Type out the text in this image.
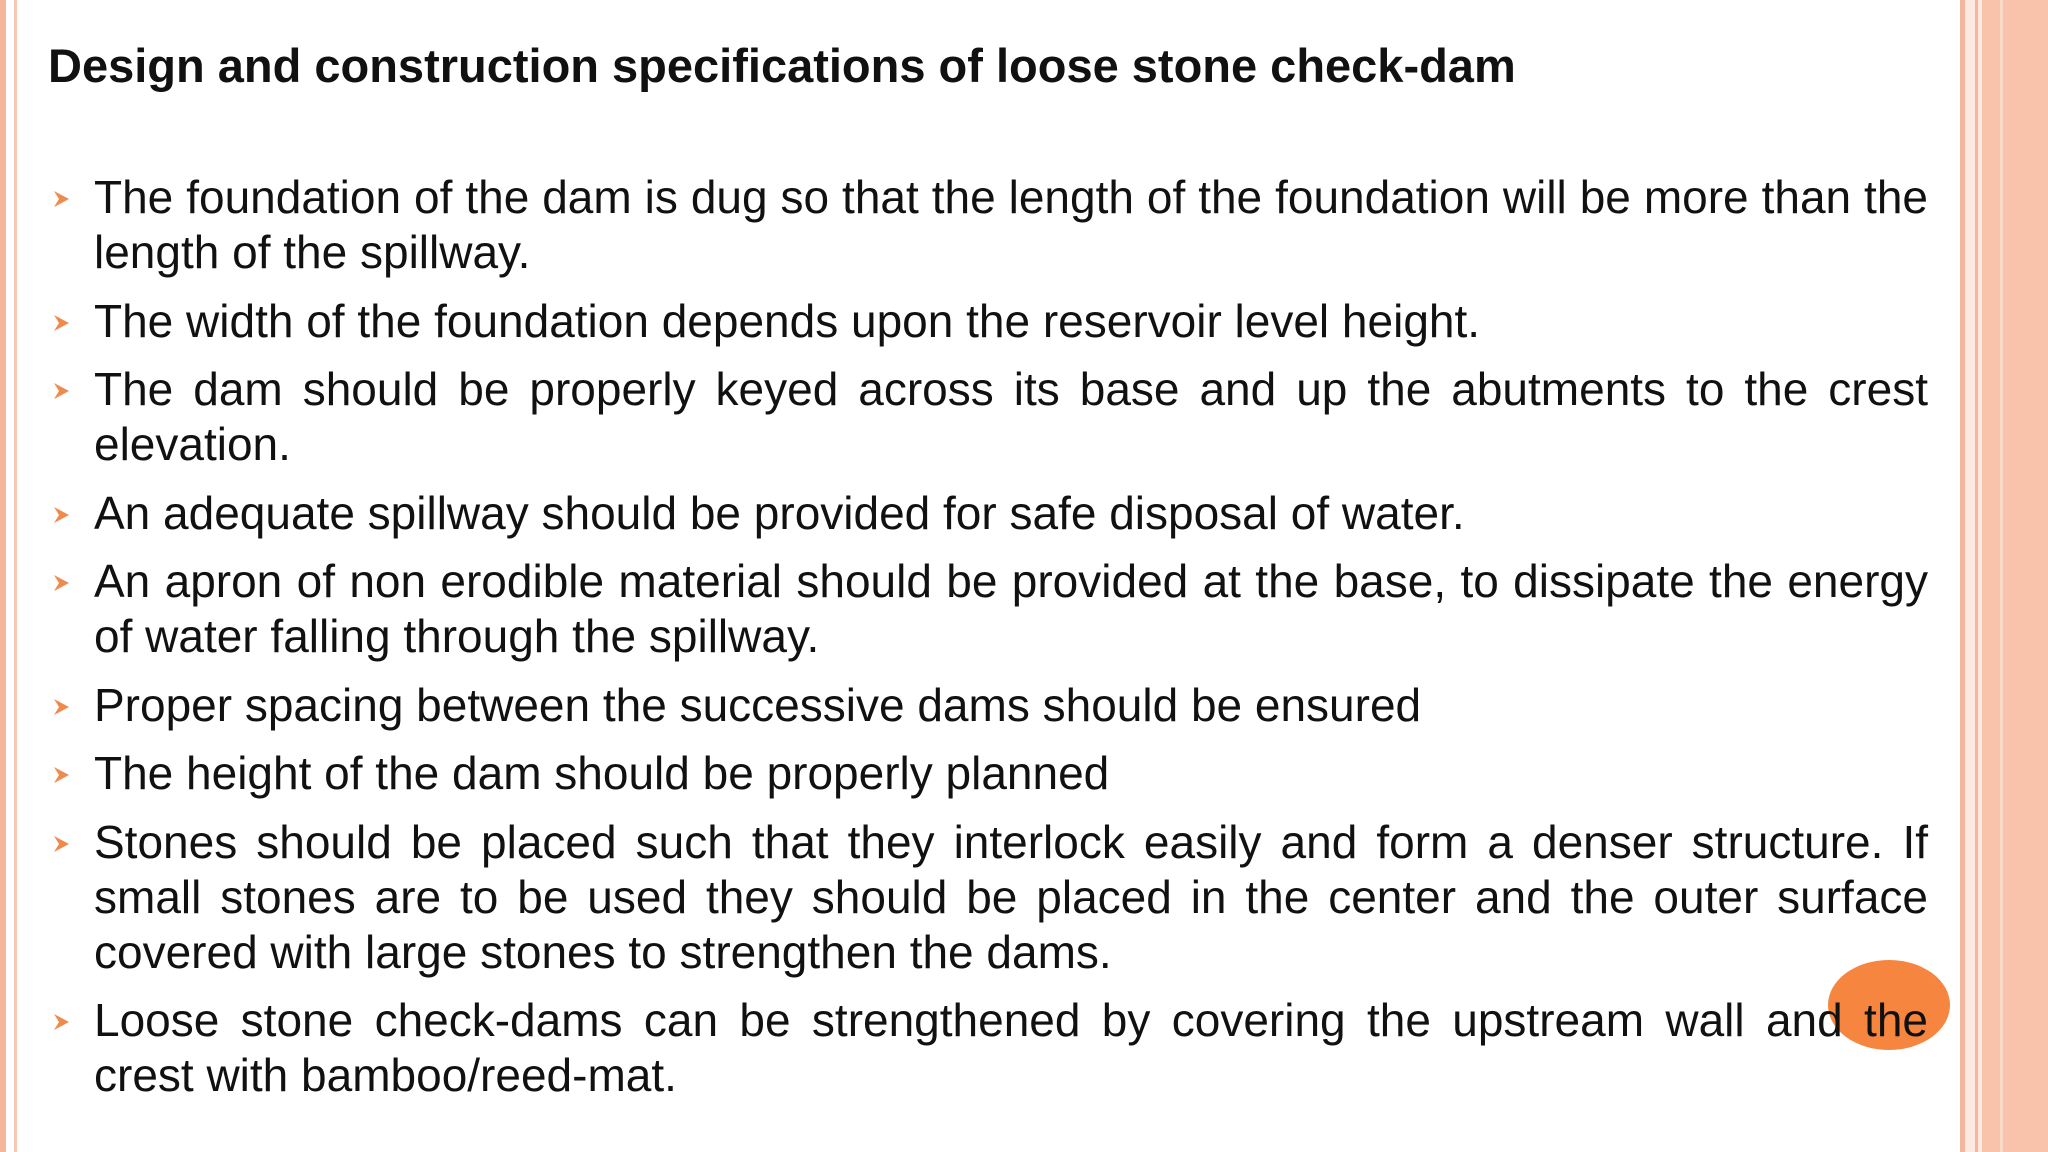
Design and construction specifications of loose stone check-dam
The foundation of the dam is dug so that the length of the foundation will be more than the length of the spillway.
The width of the foundation depends upon the reservoir level height.
The dam should be properly keyed across its base and up the abutments to the crest elevation.
An adequate spillway should be provided for safe disposal of water.
An apron of non erodible material should be provided at the base, to dissipate the energy of water falling through the spillway.
Proper spacing between the successive dams should be ensured
The height of the dam should be properly planned
Stones should be placed such that they interlock easily and form a denser structure. If small stones are to be used they should be placed in the center and the outer surface covered with large stones to strengthen the dams.
Loose stone check-dams can be strengthened by covering the upstream wall and the crest with bamboo/reed-mat.
